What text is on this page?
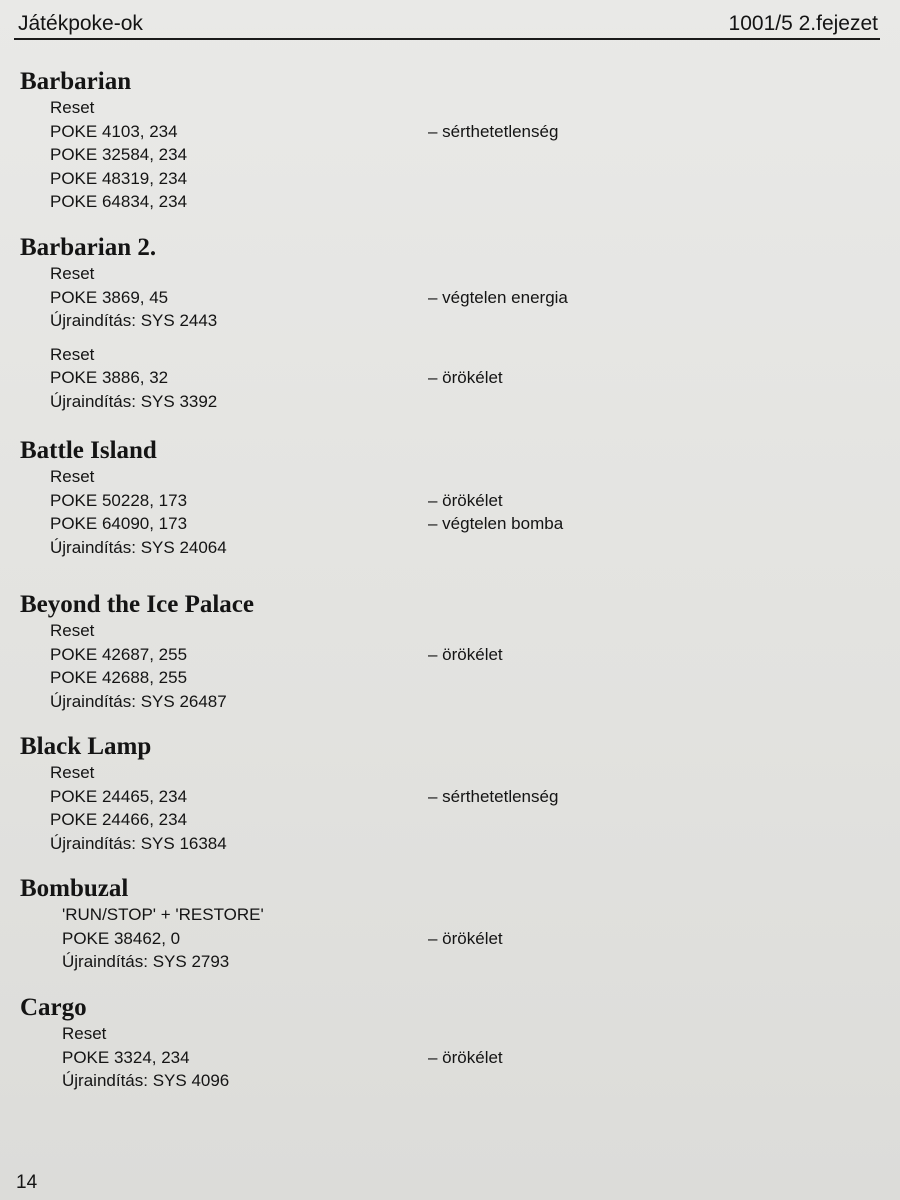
Játékpoke-ok	1001/5 2.fejezet
Barbarian
Reset
POKE 4103, 234
POKE 32584, 234
POKE 48319, 234
POKE 64834, 234
– sérthetetlenség
Barbarian 2.
Reset
POKE 3869, 45
Újraindítás: SYS 2443
Reset
POKE 3886, 32
Újraindítás: SYS 3392
– végtelen energia
– örökélet
Battle Island
Reset
POKE 50228, 173
POKE 64090, 173
Újraindítás: SYS 24064
– örökélet
– végtelen bomba
Beyond the Ice Palace
Reset
POKE 42687, 255
POKE 42688, 255
Újraindítás: SYS 26487
– örökélet
Black Lamp
Reset
POKE 24465, 234
POKE 24466, 234
Újraindítás: SYS 16384
– sérthetetlenség
Bombuzal
'RUN/STOP' + 'RESTORE'
POKE 38462, 0
Újraindítás: SYS 2793
– örökélet
Cargo
Reset
POKE 3324, 234
Újraindítás: SYS 4096
– örökélet
14
